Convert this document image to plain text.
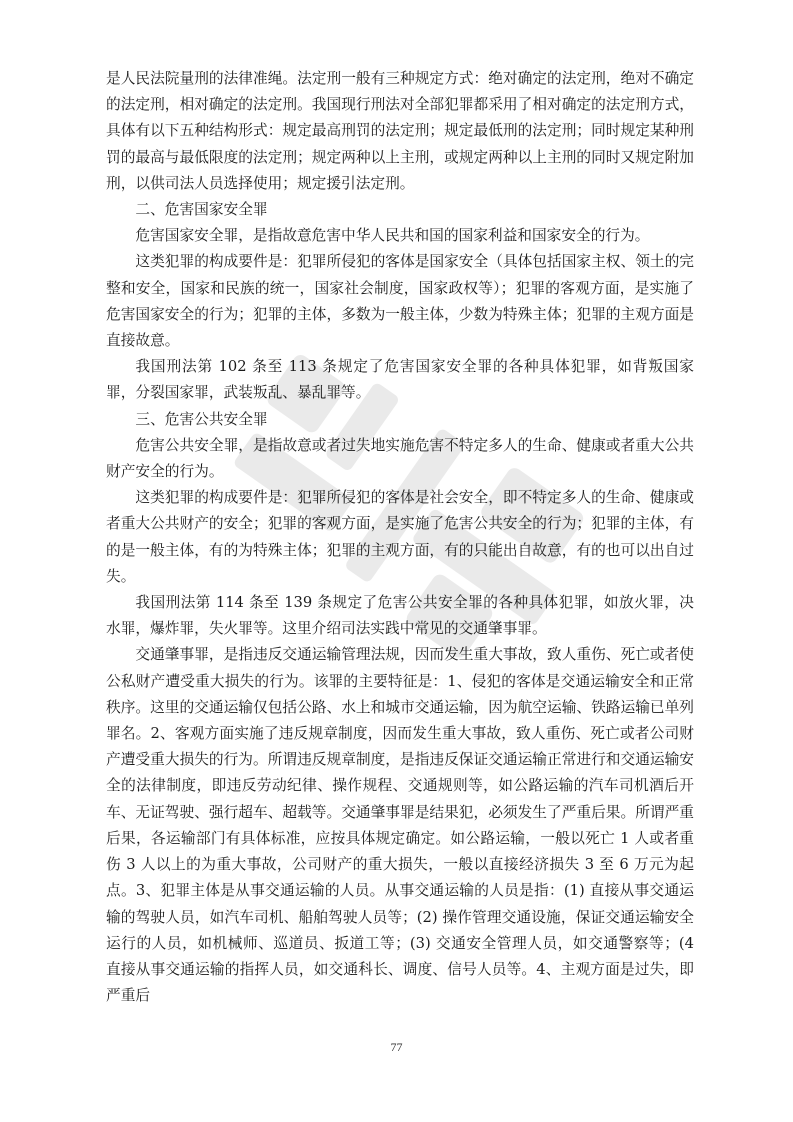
是人民法院量刑的法律准绳。法定刑一般有三种规定方式：绝对确定的法定刑，绝对不确定的法定刑，相对确定的法定刑。我国现行刑法对全部犯罪都采用了相对确定的法定刑方式，具体有以下五种结构形式：规定最高刑罚的法定刑；规定最低刑的法定刑；同时规定某种刑罚的最高与最低限度的法定刑；规定两种以上主刑，或规定两种以上主刑的同时又规定附加刑，以供司法人员选择使用；规定援引法定刑。

二、危害国家安全罪

危害国家安全罪，是指故意危害中华人民共和国的国家利益和国家安全的行为。

这类犯罪的构成要件是：犯罪所侵犯的客体是国家安全（具体包括国家主权、领土的完整和安全，国家和民族的统一，国家社会制度，国家政权等）；犯罪的客观方面，是实施了危害国家安全的行为；犯罪的主体，多数为一般主体，少数为特殊主体；犯罪的主观方面是直接故意。

我国刑法第 102 条至 113 条规定了危害国家安全罪的各种具体犯罪，如背叛国家罪，分裂国家罪，武装叛乱、暴乱罪等。

三、危害公共安全罪

危害公共安全罪，是指故意或者过失地实施危害不特定多人的生命、健康或者重大公共财产安全的行为。

这类犯罪的构成要件是：犯罪所侵犯的客体是社会安全，即不特定多人的生命、健康或者重大公共财产的安全；犯罪的客观方面，是实施了危害公共安全的行为；犯罪的主体，有的是一般主体，有的为特殊主体；犯罪的主观方面，有的只能出自故意，有的也可以出自过失。

我国刑法第 114 条至 139 条规定了危害公共安全罪的各种具体犯罪，如放火罪，决水罪，爆炸罪，失火罪等。这里介绍司法实践中常见的交通肇事罪。

交通肇事罪，是指违反交通运输管理法规，因而发生重大事故，致人重伤、死亡或者使公私财产遭受重大损失的行为。该罪的主要特征是：1、侵犯的客体是交通运输安全和正常秩序。这里的交通运输仅包括公路、水上和城市交通运输，因为航空运输、铁路运输已单列罪名。2、客观方面实施了违反规章制度，因而发生重大事故，致人重伤、死亡或者公司财产遭受重大损失的行为。所谓违反规章制度，是指违反保证交通运输正常进行和交通运输安全的法律制度，即违反劳动纪律、操作规程、交通规则等，如公路运输的汽车司机酒后开车、无证驾驶、强行超车、超载等。交通肇事罪是结果犯，必须发生了严重后果。所谓严重后果，各运输部门有具体标准，应按具体规定确定。如公路运输，一般以死亡 1 人或者重伤 3 人以上的为重大事故，公司财产的重大损失，一般以直接经济损失 3 至 6 万元为起点。3、犯罪主体是从事交通运输的人员。从事交通运输的人员是指：(1) 直接从事交通运输的驾驶人员，如汽车司机、船舶驾驶人员等；(2) 操作管理交通设施，保证交通运输安全运行的人员，如机械师、巡道员、扳道工等；(3) 交通安全管理人员，如交通警察等；(4 直接从事交通运输的指挥人员，如交通科长、调度、信号人员等。4、主观方面是过失，即严重后

77
